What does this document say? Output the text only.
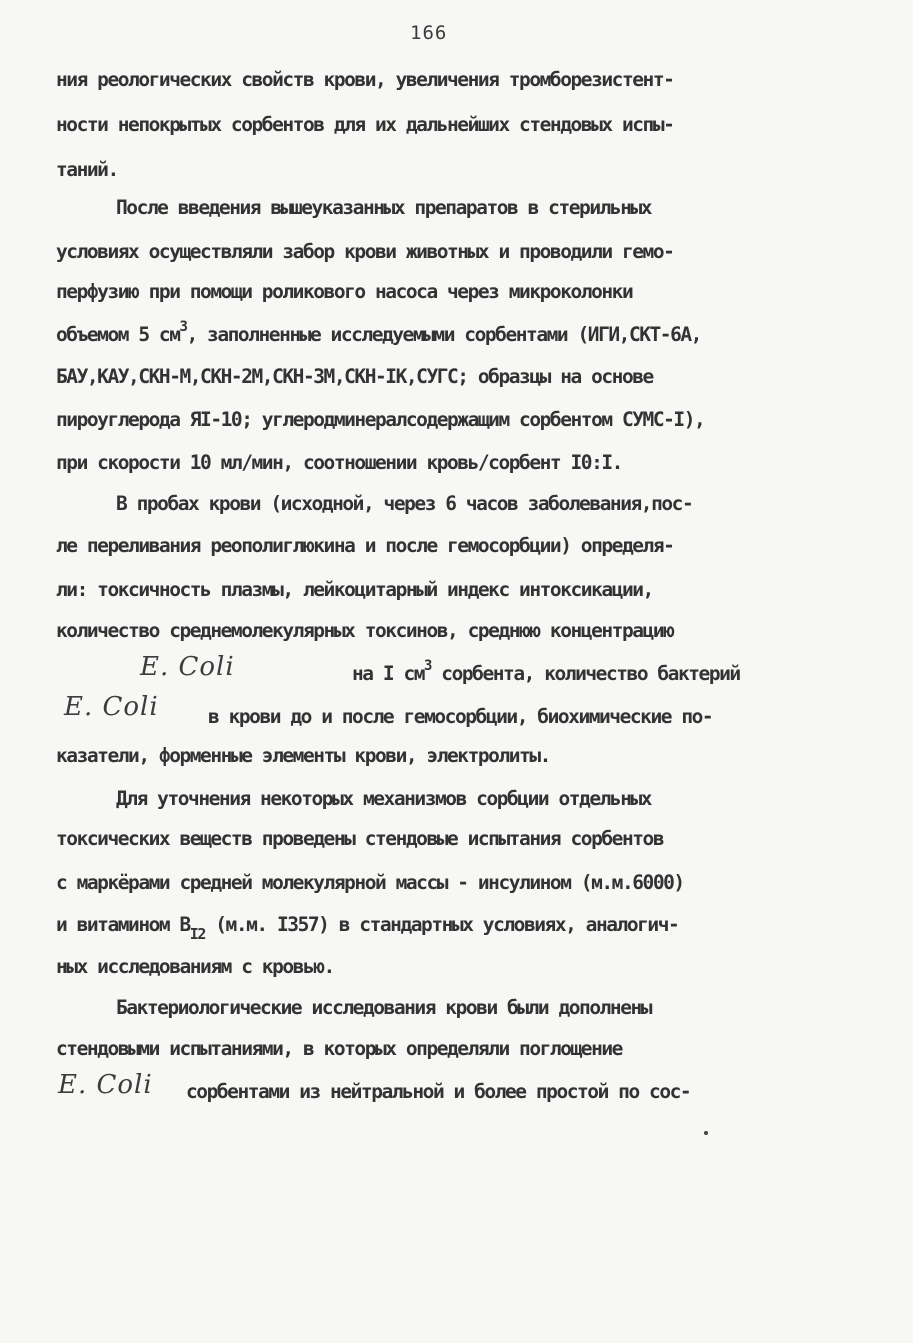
166
ния реологических свойств крови, увеличения тромборезистент-
ности непокрытых сорбентов для их дальнейших стендовых испы-
таний.
После введения вышеуказанных препаратов в стерильных
условиях осуществляли забор крови животных и проводили гемо-
перфузию при помощи роликового насоса через микроколонки
объемом 5 $см^3$, заполненные исследуемыми сорбентами (ИГИ,СКТ-6А,
БАУ,КАУ,СКН-М,СКН-2М,СКН-3М,СКН-IК,СУГС; образцы на основе
пироуглерода ЯI-10; углеродминералсодержащим сорбентом СУМС-I),
при скорости 10 мл/мин, соотношении кровь/сорбент I0:I.
В пробах крови (исходной, через 6 часов заболевания,пос-
ле переливания реополиглюкина и после гемосорбции) определя-
ли: токсичность плазмы, лейкоцитарный индекс интоксикации,
количество среднемолекулярных токсинов, среднюю концентрацию
E. Coli	на I $см^3$ сорбента, количество бактерий
E. Coli	в крови до и после гемосорбции, биохимические по-
казатели, форменные элементы крови, электролиты.
Для уточнения некоторых механизмов сорбции отдельных
токсических веществ проведены стендовые испытания сорбентов
с маркёрами средней молекулярной массы - инсулином (м.м.6000)
и витамином $В_{I2}$ (м.м. I357) в стандартных условиях, аналогич-
ных исследованиям с кровью.
Бактериологические исследования крови были дополнены
стендовыми испытаниями, в которых определяли поглощение
E. Coli сорбентами из нейтральной и более простой по сос-
